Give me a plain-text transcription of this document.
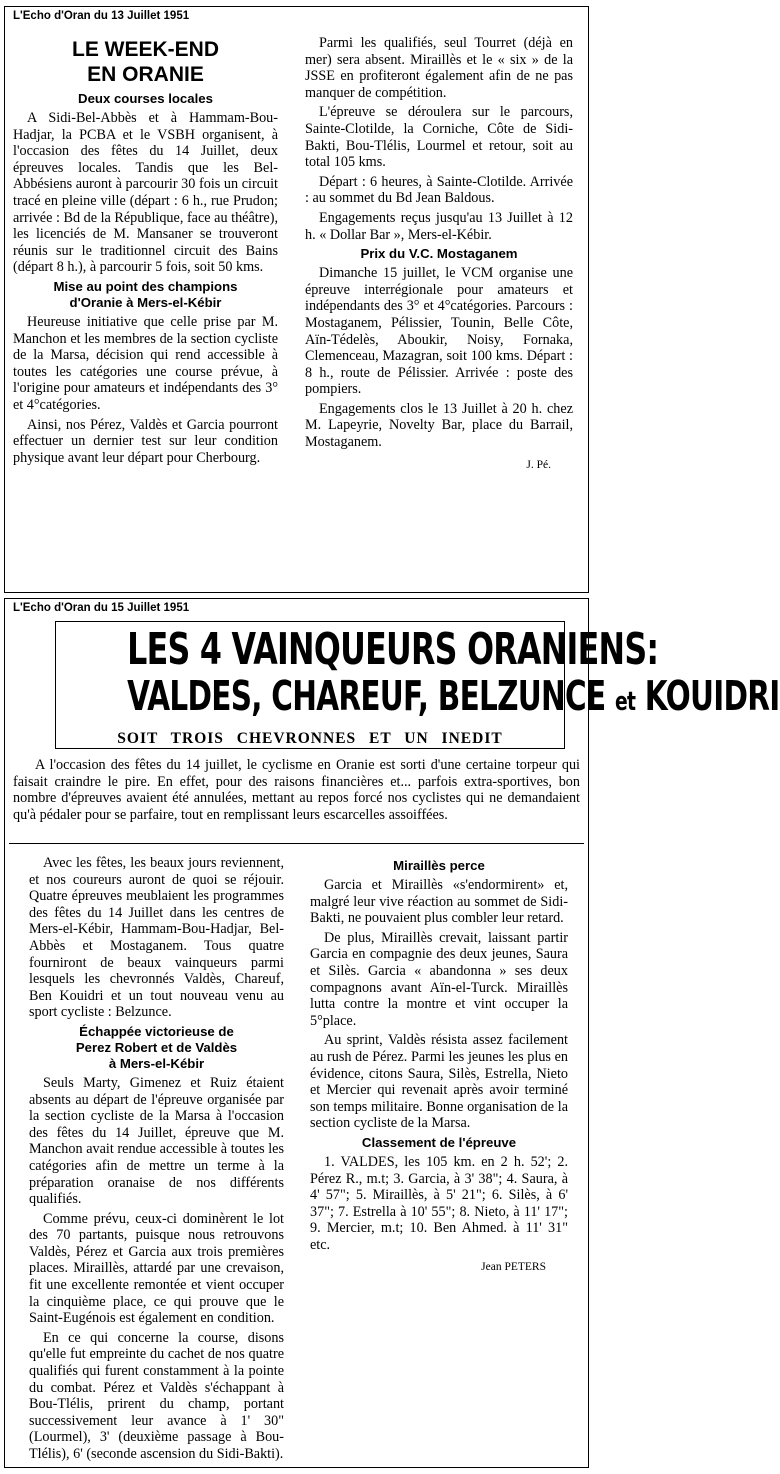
L'Echo d'Oran du 13 Juillet 1951
LE WEEK-END
EN ORANIE
Deux courses locales

A Sidi-Bel-Abbès et à Hammam-Bou-Hadjar, la PCBA et le VSBH organisent, à l'occasion des fêtes du 14 Juillet, deux épreuves locales. Tandis que les Bel-Abbésiens auront à parcourir 30 fois un circuit tracé en pleine ville (départ : 6 h., rue Prudon; arrivée : Bd de la République, face au théâtre), les licenciés de M. Mansaner se trouveront réunis sur le traditionnel circuit des Bains (départ 8 h.), à parcourir 5 fois, soit 50 kms.

Mise au point des champions
d'Oranie à Mers-el-Kébir

Heureuse initiative que celle prise par M. Manchon et les membres de la section cycliste de la Marsa, décision qui rend accessible à toutes les catégories une course prévue, à l'origine pour amateurs et indépendants des 3° et 4°catégories.

Ainsi, nos Pérez, Valdès et Garcia pourront effectuer un dernier test sur leur condition physique avant leur départ pour Cherbourg.

Parmi les qualifiés, seul Tourret (déjà en mer) sera absent. Miraillès et le « six » de la JSSE en profiteront également afin de ne pas manquer de compétition.

L'épreuve se déroulera sur le parcours, Sainte-Clotilde, la Corniche, Côte de Sidi-Bakti, Bou-Tlélis, Lourmel et retour, soit au total 105 kms.

Départ : 6 heures, à Sainte-Clotilde. Arrivée : au sommet du Bd Jean Baldous.

Engagements reçus jusqu'au 13 Juillet à 12 h. « Dollar Bar », Mers-el-Kébir.

Prix du V.C. Mostaganem

Dimanche 15 juillet, le VCM organise une épreuve interrégionale pour amateurs et indépendants des 3° et 4°catégories. Parcours : Mostaganem, Pélissier, Tounin, Belle Côte, Aïn-Tédelès, Aboukir, Noisy, Fornaka, Clemenceau, Mazagran, soit 100 kms. Départ : 8 h., route de Pélissier. Arrivée : poste des pompiers.

Engagements clos le 13 Juillet à 20 h. chez M. Lapeyrie, Novelty Bar, place du Barrail, Mostaganem.

J. Pé.
L'Echo d'Oran du 15 Juillet 1951
LES 4 VAINQUEURS ORANIENS:
VALDES, CHAREUF, BELZUNCE et KOUIDRI
SOIT TROIS CHEVRONNES ET UN INEDIT

A l'occasion des fêtes du 14 juillet, le cyclisme en Oranie est sorti d'une certaine torpeur qui faisait craindre le pire. En effet, pour des raisons financières et... parfois extra-sportives, bon nombre d'épreuves avaient été annulées, mettant au repos forcé nos cyclistes qui ne demandaient qu'à pédaler pour se parfaire, tout en remplissant leurs escarcelles assoiffées.

Avec les fêtes, les beaux jours reviennent, et nos coureurs auront de quoi se réjouir. Quatre épreuves meublaient les programmes des fêtes du 14 Juillet dans les centres de Mers-el-Kébir, Hammam-Bou-Hadjar, Bel-Abbès et Mostaganem. Tous quatre fourniront de beaux vainqueurs parmi lesquels les chevronnés Valdès, Chareuf, Ben Kouidri et un tout nouveau venu au sport cycliste : Belzunce.

Échappée victorieuse de
Perez Robert et de Valdès
à Mers-el-Kébir

Seuls Marty, Gimenez et Ruiz étaient absents au départ de l'épreuve organisée par la section cycliste de la Marsa à l'occasion des fêtes du 14 Juillet, épreuve que M. Manchon avait rendue accessible à toutes les catégories afin de mettre un terme à la préparation oranaise de nos différents qualifiés.

Comme prévu, ceux-ci dominèrent le lot des 70 partants, puisque nous retrouvons Valdès, Pérez et Garcia aux trois premières places. Miraillès, attardé par une crevaison, fit une excellente remontée et vient occuper la cinquième place, ce qui prouve que le Saint-Eugénois est également en condition.

En ce qui concerne la course, disons qu'elle fut empreinte du cachet de nos quatre qualifiés qui furent constamment à la pointe du combat. Pérez et Valdès s'échappant à Bou-Tlélis, prirent du champ, portant successivement leur avance à 1' 30" (Lourmel), 3' (deuxième passage à Bou-Tlélis), 6' (seconde ascension du Sidi-Bakti).

Miraillès perce

Garcia et Miraillès «s'endormirent» et, malgré leur vive réaction au sommet de Sidi-Bakti, ne pouvaient plus combler leur retard.

De plus, Miraillès crevait, laissant partir Garcia en compagnie des deux jeunes, Saura et Silès. Garcia « abandonna » ses deux compagnons avant Aïn-el-Turck. Miraillès lutta contre la montre et vint occuper la 5°place.

Au sprint, Valdès résista assez facilement au rush de Pérez. Parmi les jeunes les plus en évidence, citons Saura, Silès, Estrella, Nieto et Mercier qui revenait après avoir terminé son temps militaire. Bonne organisation de la section cycliste de la Marsa.

Classement de l'épreuve

1. VALDES, les 105 km. en 2 h. 52'; 2. Pérez R., m.t; 3. Garcia, à 3' 38"; 4. Saura, à 4' 57"; 5. Miraillès, à 5' 21"; 6. Silès, à 6' 37"; 7. Estrella à 10' 55"; 8. Nieto, à 11' 17"; 9. Mercier, m.t; 10. Ben Ahmed. à 11' 31" etc.

Jean PETERS
